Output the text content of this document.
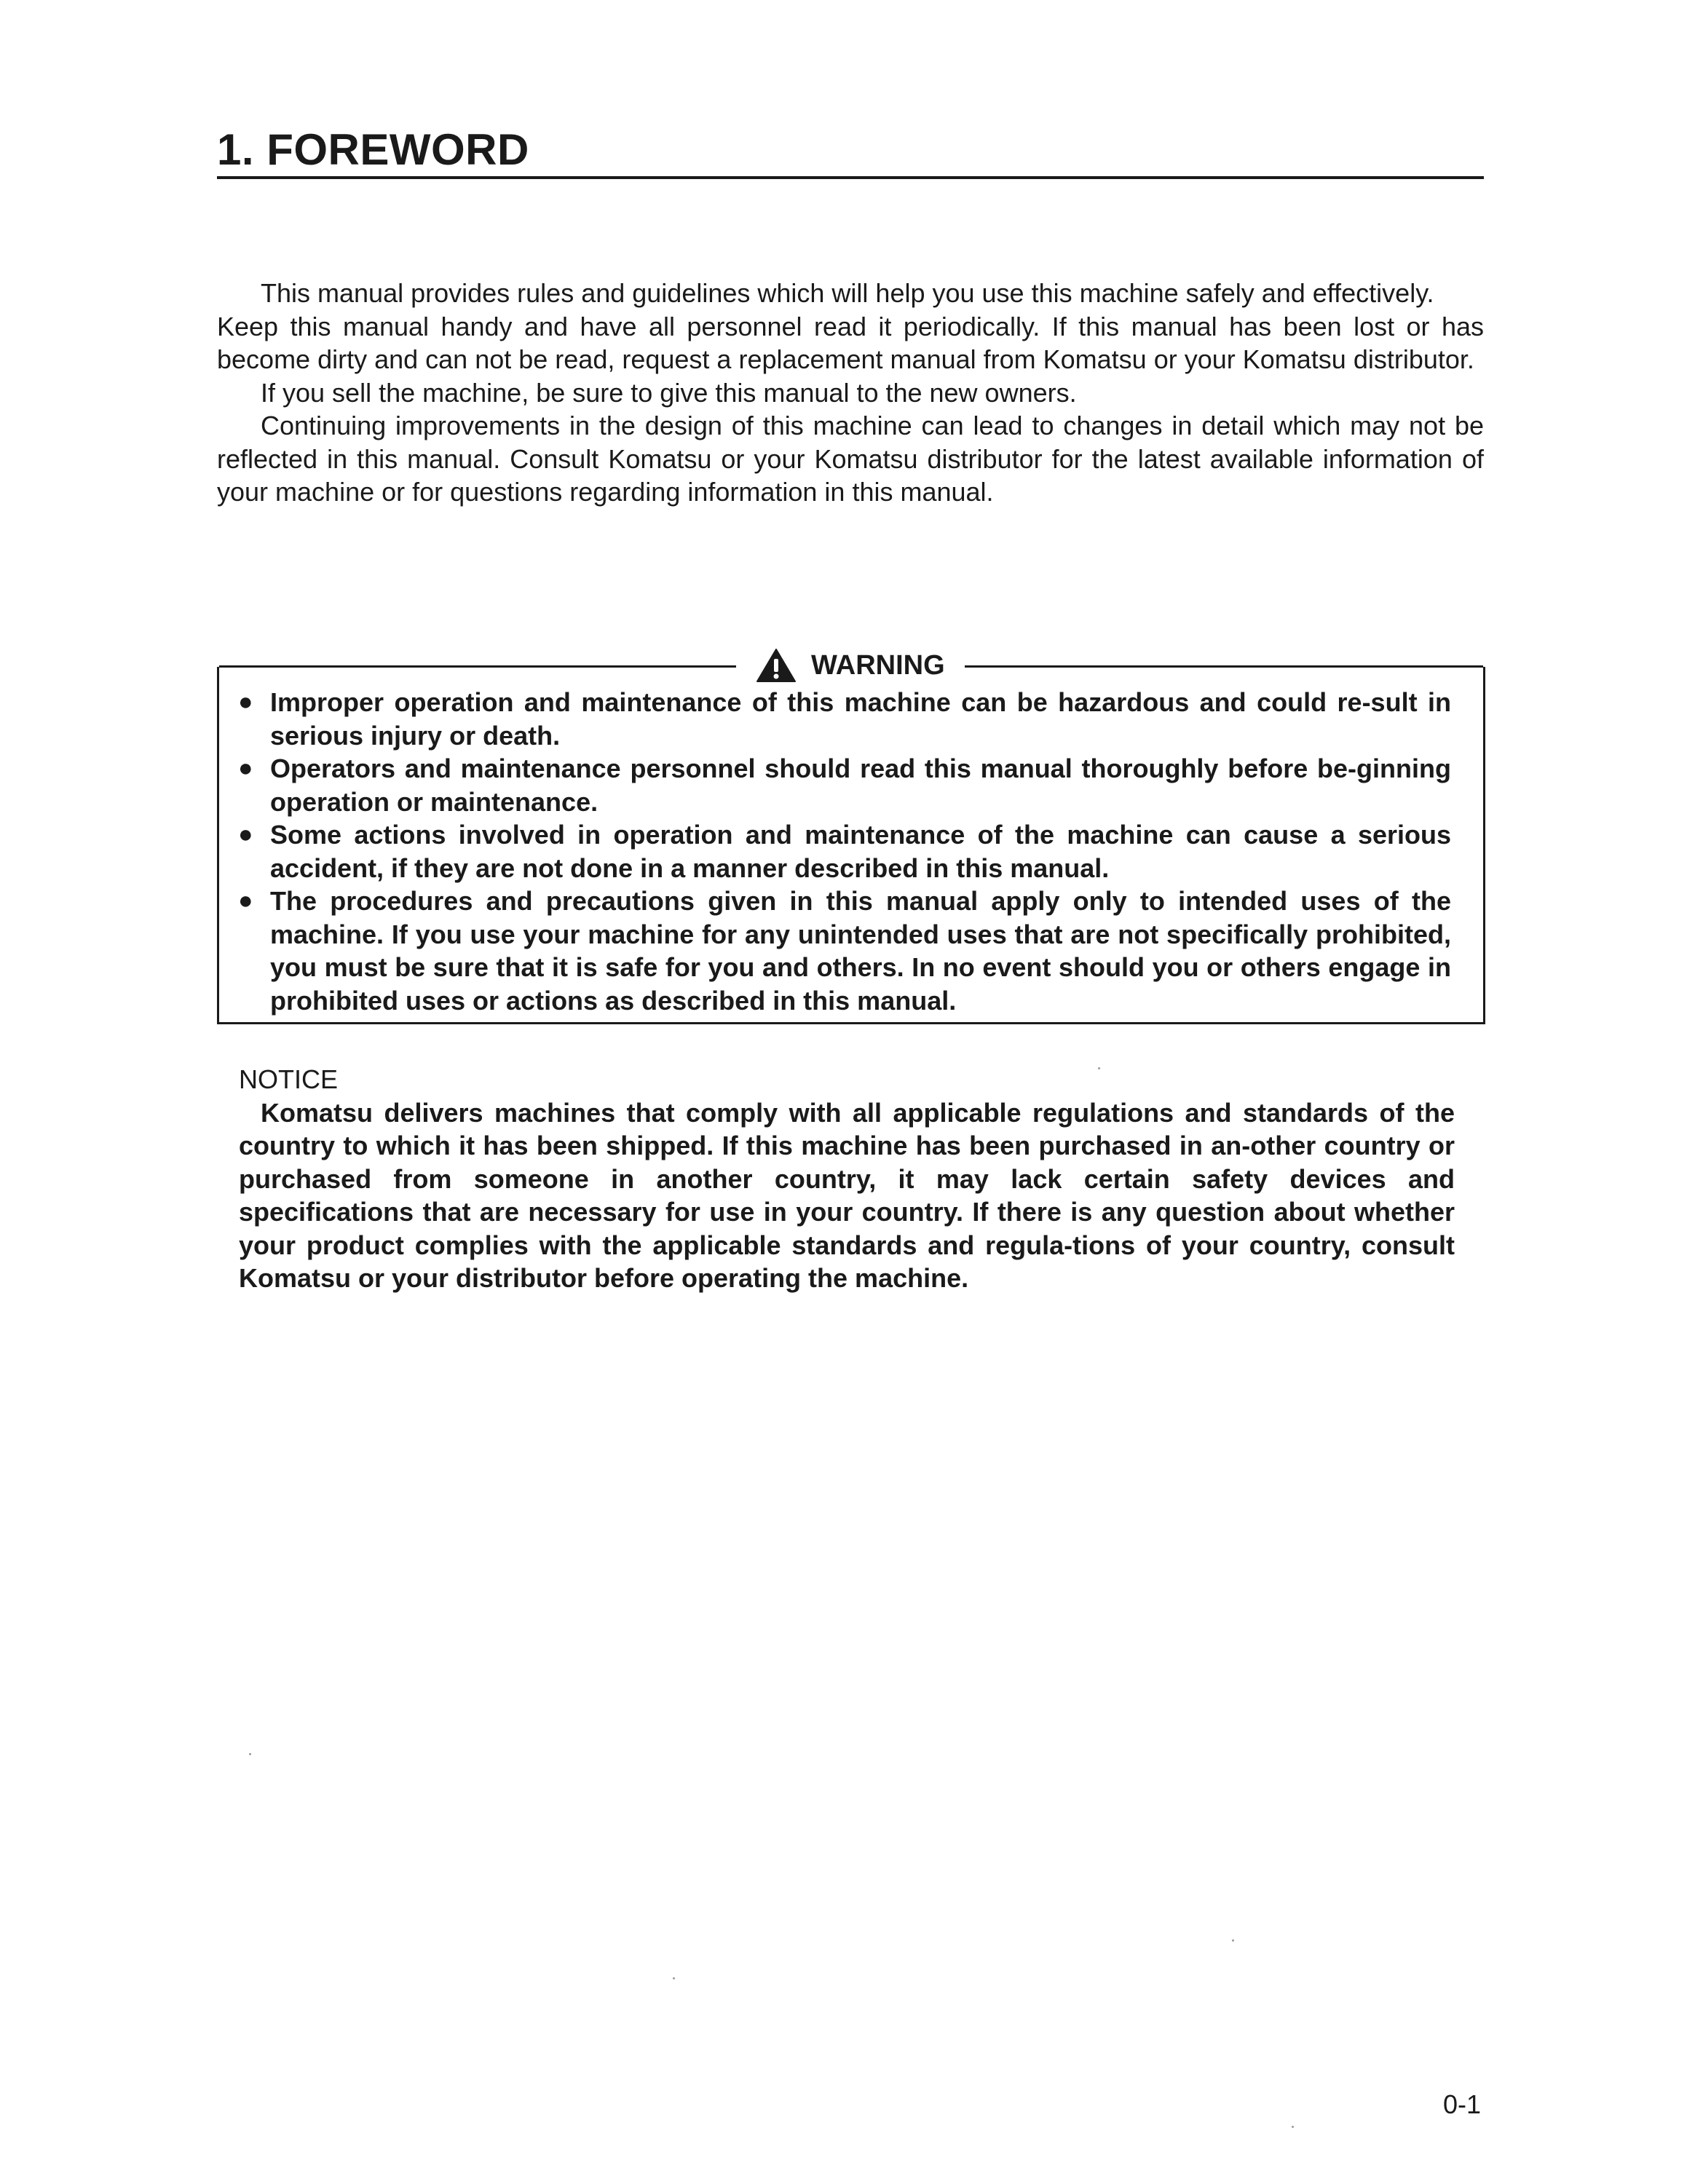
1. FOREWORD

This manual provides rules and guidelines which will help you use this machine safely and effectively.

Keep this manual handy and have all personnel read it periodically. If this manual has been lost or has become dirty and can not be read, request a replacement manual from Komatsu or your Komatsu distributor.

If you sell the machine, be sure to give this manual to the new owners.

Continuing improvements in the design of this machine can lead to changes in detail which may not be reflected in this manual. Consult Komatsu or your Komatsu distributor for the latest available information of your machine or for questions regarding information in this manual.

WARNING
● Improper operation and maintenance of this machine can be hazardous and could re-sult in serious injury or death.
● Operators and maintenance personnel should read this manual thoroughly before be-ginning operation or maintenance.
● Some actions involved in operation and maintenance of the machine can cause a serious accident, if they are not done in a manner described in this manual.
● The procedures and precautions given in this manual apply only to intended uses of the machine. If you use your machine for any unintended uses that are not specifically prohibited, you must be sure that it is safe for you and others. In no event should you or others engage in prohibited uses or actions as described in this manual.

NOTICE

Komatsu delivers machines that comply with all applicable regulations and standards of the country to which it has been shipped. If this machine has been purchased in an-other country or purchased from someone in another country, it may lack certain safety devices and specifications that are necessary for use in your country. If there is any question about whether your product complies with the applicable standards and regula-tions of your country, consult Komatsu or your distributor before operating the machine.

0-1
